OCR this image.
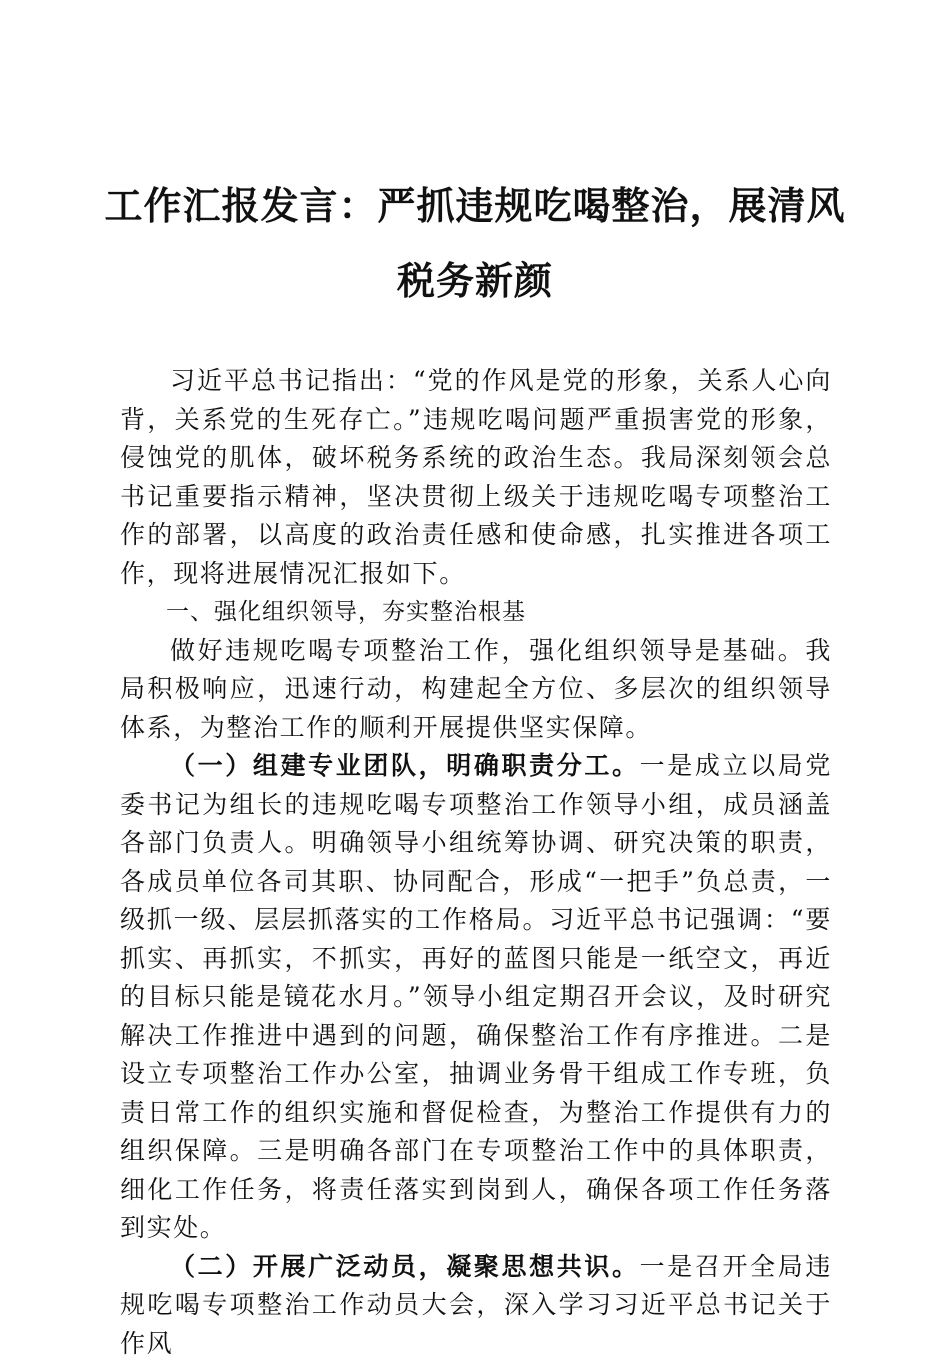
工作汇报发言：严抓违规吃喝整治，展清风税务新颜

习近平总书记指出：“党的作风是党的形象，关系人心向背，关系党的生死存亡。”违规吃喝问题严重损害党的形象，侵蚀党的肌体，破坏税务系统的政治生态。我局深刻领会总书记重要指示精神，坚决贯彻上级关于违规吃喝专项整治工作的部署，以高度的政治责任感和使命感，扎实推进各项工作，现将进展情况汇报如下。

一、强化组织领导，夯实整治根基

做好违规吃喝专项整治工作，强化组织领导是基础。我局积极响应，迅速行动，构建起全方位、多层次的组织领导体系，为整治工作的顺利开展提供坚实保障。

（一）组建专业团队，明确职责分工。一是成立以局党委书记为组长的违规吃喝专项整治工作领导小组，成员涵盖各部门负责人。明确领导小组统筹协调、研究决策的职责，各成员单位各司其职、协同配合，形成“一把手”负总责，一级抓一级、层层抓落实的工作格局。习近平总书记强调：“要抓实、再抓实，不抓实，再好的蓝图只能是一纸空文，再近的目标只能是镜花水月。”领导小组定期召开会议，及时研究解决工作推进中遇到的问题，确保整治工作有序推进。二是设立专项整治工作办公室，抽调业务骨干组成工作专班，负责日常工作的组织实施和督促检查，为整治工作提供有力的组织保障。三是明确各部门在专项整治工作中的具体职责，细化工作任务，将责任落实到岗到人，确保各项工作任务落到实处。

（二）开展广泛动员，凝聚思想共识。一是召开全局违规吃喝专项整治工作动员大会，深入学习习近平总书记关于作风
